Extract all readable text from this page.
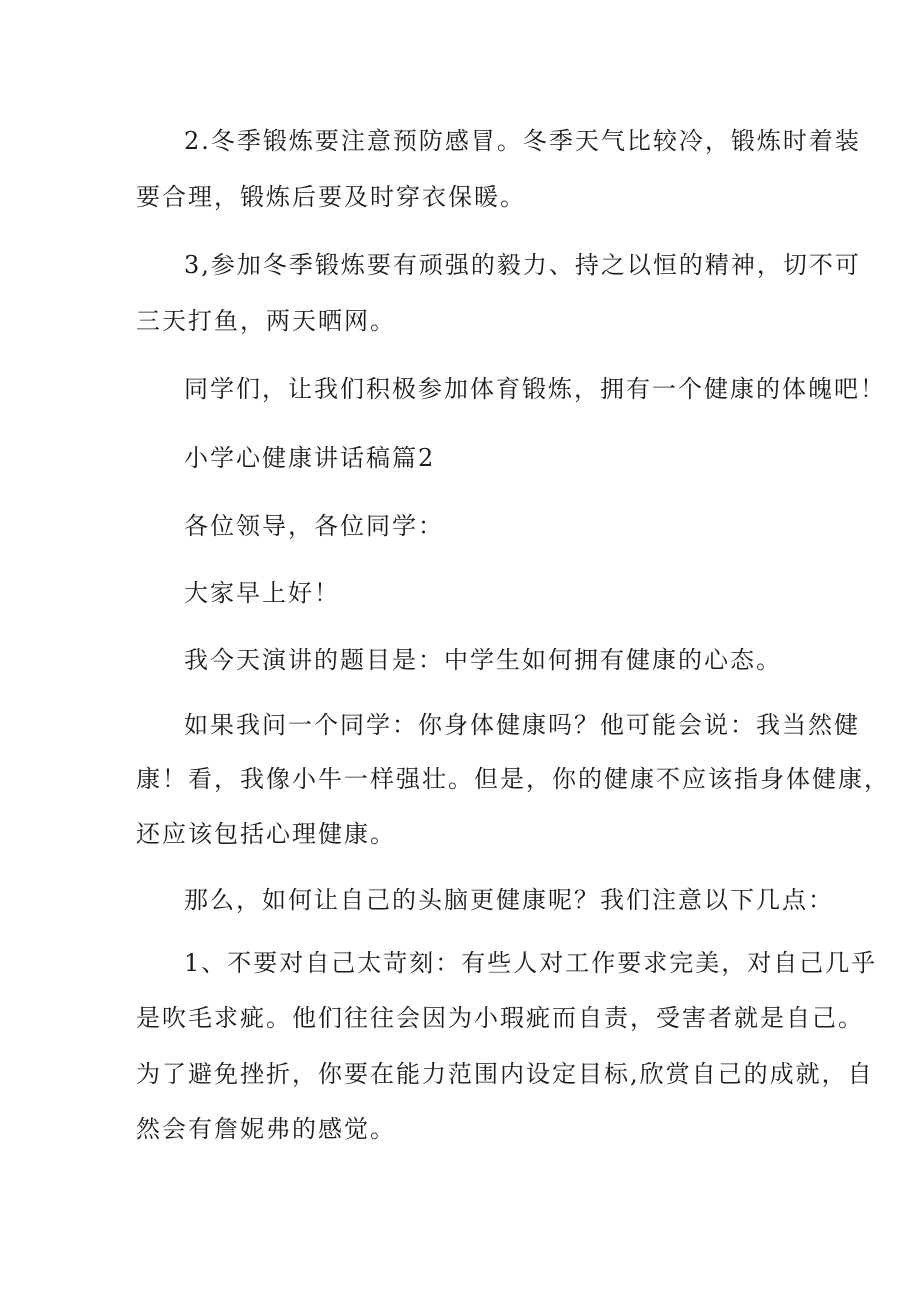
2.冬季锻炼要注意预防感冒。冬季天气比较冷，锻炼时着装
要合理，锻炼后要及时穿衣保暖。
3,参加冬季锻炼要有顽强的毅力、持之以恒的精神，切不可
三天打鱼，两天晒网。
同学们，让我们积极参加体育锻炼，拥有一个健康的体魄吧！
小学心健康讲话稿篇2
各位领导，各位同学：
大家早上好！
我今天演讲的题目是：中学生如何拥有健康的心态。
如果我问一个同学：你身体健康吗？他可能会说：我当然健
康！看，我像小牛一样强壮。但是，你的健康不应该指身体健康，
还应该包括心理健康。
那么，如何让自己的头脑更健康呢？我们注意以下几点：
1、不要对自己太苛刻：有些人对工作要求完美，对自己几乎
是吹毛求疵。他们往往会因为小瑕疵而自责，受害者就是自己。
为了避免挫折，你要在能力范围内设定目标,欣赏自己的成就，自
然会有詹妮弗的感觉。
